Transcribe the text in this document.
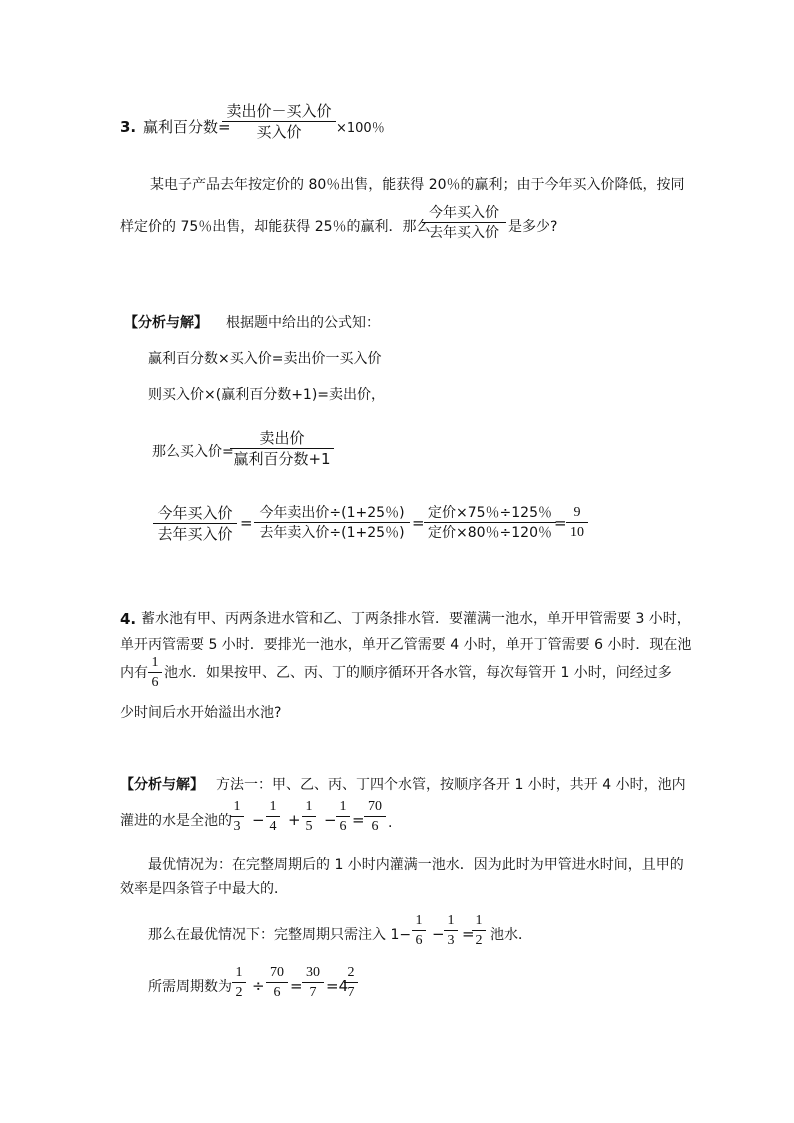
3. 赢利百分数=
卖出价－买入价
买入价	×100％
某电子产品去年按定价的 80％出售，能获得 20％的赢利；由于今年买入价降低，按同
样定价的 75％出售，却能获得 25％的赢利．那么
今年买入价
去年买入价 是多少?
【分析与解】 根据题中给出的公式知：
赢利百分数×买入价=卖出价一买入价
则买入价×(赢利百分数+1)=卖出价，
那么买入价=
卖出价
赢利百分数+1
今年买入价
去年买入价
=
今年卖出价÷(1+25％)
去年卖入价÷(1+25％)
=
定价×75％÷125％
定价×80％÷120％
=
9
10
4. 蓄水池有甲、丙两条进水管和乙、丁两条排水管．要灌满一池水，单开甲管需要 3 小时，
单开丙管需要 5 小时．要排光一池水，单开乙管需要 4 小时，单开丁管需要 6 小时．现在池
内有
1
6
池水．如果按甲、乙、丙、丁的顺序循环开各水管，每次每管开 1 小时，问经过多
少时间后水开始溢出水池?
【分析与解】 方法一：甲、乙、丙、丁四个水管，按顺序各开 1 小时，共开 4 小时，池内
灌进的水是全池的
1
3 −
1
4 +
1
5 −
1
6 =
70
6 .
最优情况为：在完整周期后的 1 小时内灌满一池水．因为此时为甲管进水时间，且甲的
效率是四条管子中最大的．
那么在最优情况下：完整周期只需注入 1−
1
6 −
1
3 =
1
2 池水．
所需周期数为
1
2 ÷
70
6 =
30
7 =4
2
7
